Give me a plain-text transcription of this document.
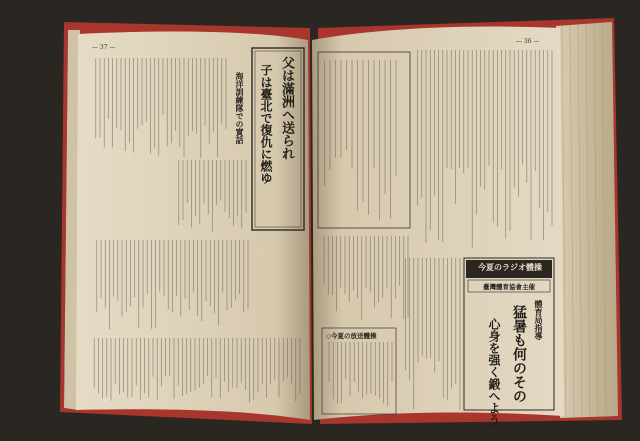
— 37 —
父は滿洲へ送られ
子は臺北で復仇に燃ゆ
海洋訓練隊での實話
— 36 —
今夏のラジオ體操
臺灣體育協會主催
體育局指導
猛暑も何のその
心身を强く鍛へよう
◇今夏の放送體操
